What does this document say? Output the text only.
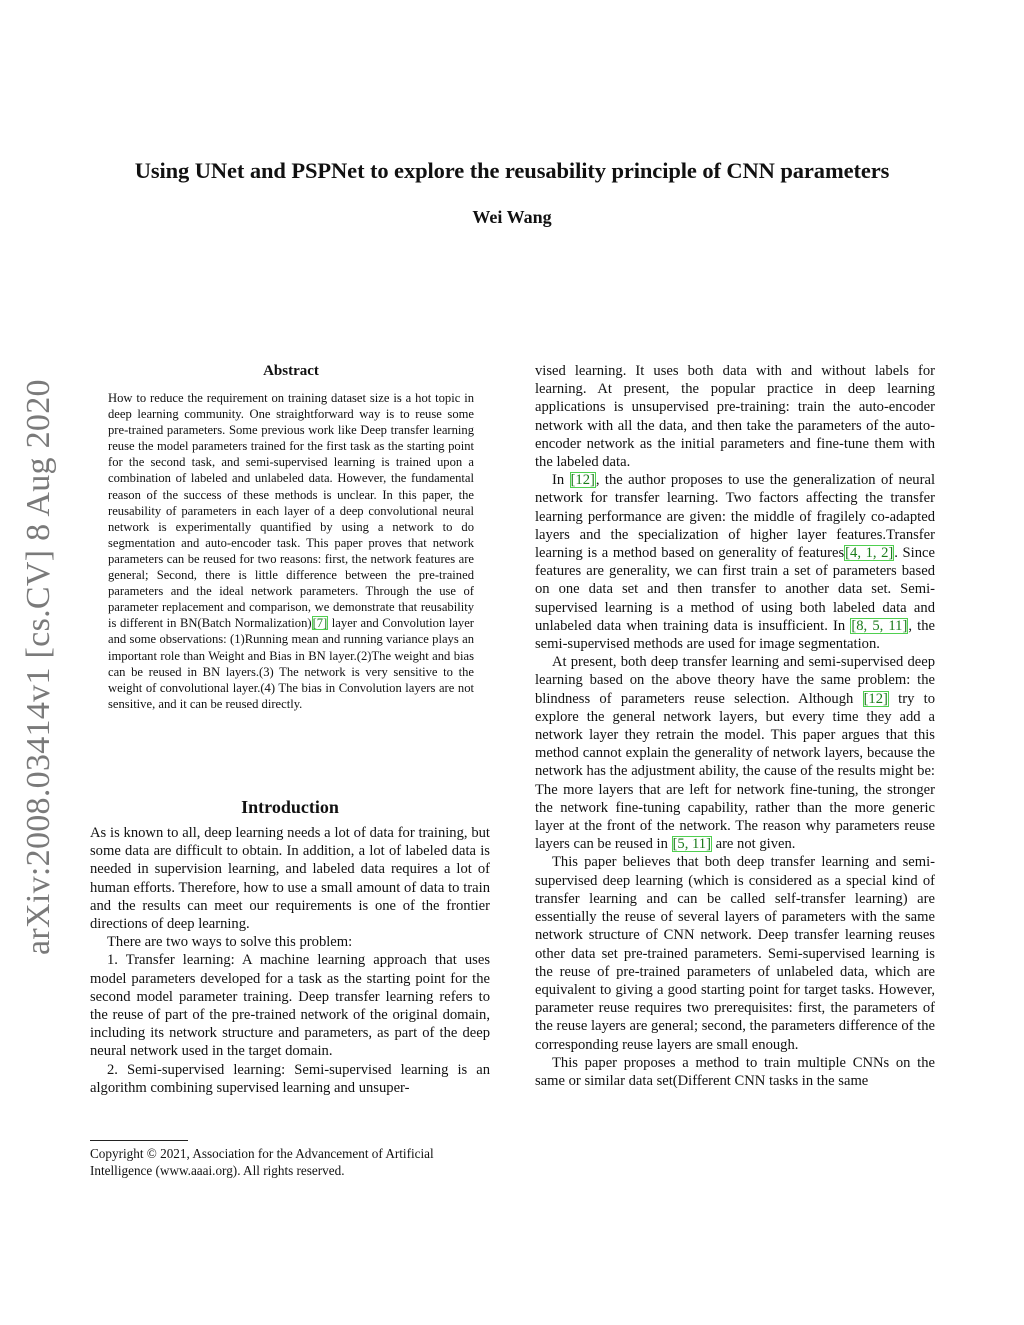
Using UNet and PSPNet to explore the reusability principle of CNN parameters
Wei Wang
arXiv:2008.03414v1 [cs.CV] 8 Aug 2020
Abstract

How to reduce the requirement on training dataset size is a hot topic in deep learning community. One straightforward way is to reuse some pre-trained parameters. Some previous work like Deep transfer learning reuse the model parameters trained for the first task as the starting point for the second task, and semi-supervised learning is trained upon a combination of labeled and unlabeled data. However, the fundamental reason of the success of these methods is unclear. In this paper, the reusability of parameters in each layer of a deep convolutional neural network is experimentally quantified by using a network to do segmentation and auto-encoder task. This paper proves that network parameters can be reused for two reasons: first, the network features are general; Second, there is little difference between the pre-trained parameters and the ideal network parameters. Through the use of parameter replacement and comparison, we demonstrate that reusability is different in BN(Batch Normalization)[7] layer and Convolution layer and some observations: (1)Running mean and running variance plays an important role than Weight and Bias in BN layer.(2)The weight and bias can be reused in BN layers.(3) The network is very sensitive to the weight of convolutional layer.(4) The bias in Convolution layers are not sensitive, and it can be reused directly.

Introduction

As is known to all, deep learning needs a lot of data for training, but some data are difficult to obtain. In addition, a lot of labeled data is needed in supervision learning, and labeled data requires a lot of human efforts. Therefore, how to use a small amount of data to train and the results can meet our requirements is one of the frontier directions of deep learning.

There are two ways to solve this problem:

1. Transfer learning: A machine learning approach that uses model parameters developed for a task as the starting point for the second model parameter training. Deep transfer learning refers to the reuse of part of the pre-trained network of the original domain, including its network structure and parameters, as part of the deep neural network used in the target domain.

2. Semi-supervised learning: Semi-supervised learning is an algorithm combining supervised learning and unsuper-

Copyright © 2021, Association for the Advancement of Artificial Intelligence (www.aaai.org). All rights reserved.

vised learning. It uses both data with and without labels for learning. At present, the popular practice in deep learning applications is unsupervised pre-training: train the auto-encoder network with all the data, and then take the parameters of the auto-encoder network as the initial parameters and fine-tune them with the labeled data.

In [12], the author proposes to use the generalization of neural network for transfer learning. Two factors affecting the transfer learning performance are given: the middle of fragilely co-adapted layers and the specialization of higher layer features.Transfer learning is a method based on generality of features[4, 1, 2]. Since features are generality, we can first train a set of parameters based on one data set and then transfer to another data set. Semi-supervised learning is a method of using both labeled data and unlabeled data when training data is insufficient. In [8, 5, 11], the semi-supervised methods are used for image segmentation.

At present, both deep transfer learning and semi-supervised deep learning based on the above theory have the same problem: the blindness of parameters reuse selection. Although [12] try to explore the general network layers, but every time they add a network layer they retrain the model. This paper argues that this method cannot explain the generality of network layers, because the network has the adjustment ability, the cause of the results might be: The more layers that are left for network fine-tuning, the stronger the network fine-tuning capability, rather than the more generic layer at the front of the network. The reason why parameters reuse layers can be reused in [5, 11] are not given.

This paper believes that both deep transfer learning and semi-supervised deep learning (which is considered as a special kind of transfer learning and can be called self-transfer learning) are essentially the reuse of several layers of parameters with the same network structure of CNN network. Deep transfer learning reuses other data set pre-trained parameters. Semi-supervised learning is the reuse of pre-trained parameters of unlabeled data, which are equivalent to giving a good starting point for target tasks. However, parameter reuse requires two prerequisites: first, the parameters of the reuse layers are general; second, the parameters difference of the corresponding reuse layers are small enough.

This paper proposes a method to train multiple CNNs on the same or similar data set(Different CNN tasks in the same
